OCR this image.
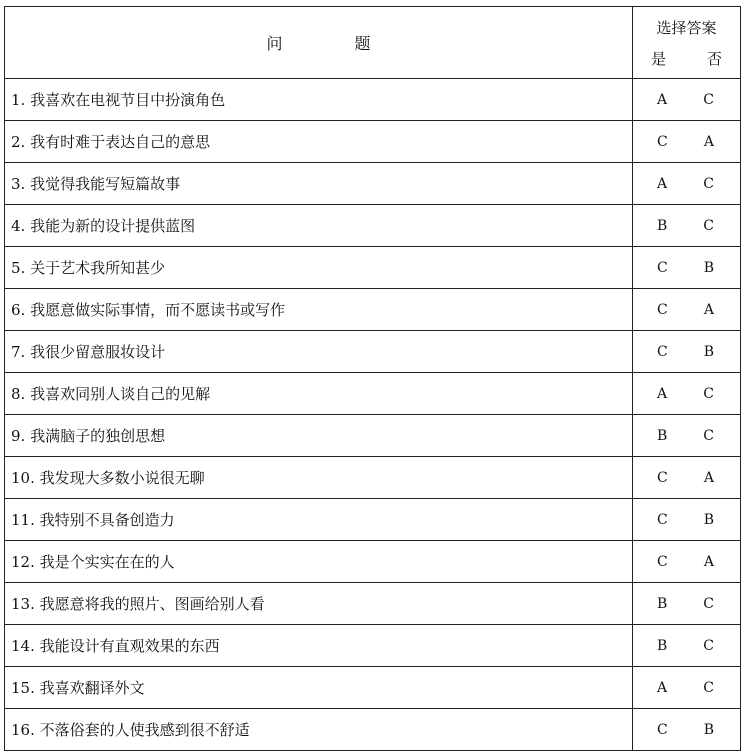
问 题	选择答案
是 否

1. 我喜欢在电视节目中扮演角色	A C

2. 我有时难于表达自己的意思	C A

3. 我觉得我能写短篇故事	A C

4. 我能为新的设计提供蓝图	B C

5. 关于艺术我所知甚少	C B

6. 我愿意做实际事情，而不愿读书或写作	C A

7. 我很少留意服妆设计	C B

8. 我喜欢同别人谈自己的见解	A C

9. 我满脑子的独创思想	B C

10. 我发现大多数小说很无聊	C A

11. 我特别不具备创造力	C B

12. 我是个实实在在的人	C A

13. 我愿意将我的照片、图画给别人看	B C

14. 我能设计有直观效果的东西	B C

15. 我喜欢翻译外文	A C

16. 不落俗套的人使我感到很不舒适	C B
